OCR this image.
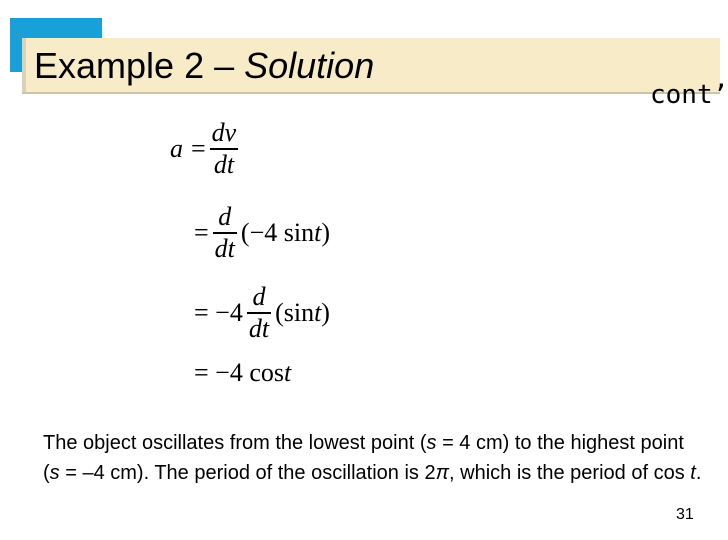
Example 2 – Solution
cont’
$a = \frac{dv}{dt}$
= $\frac{d}{dt} (-4$ sin t )
= $-4 \frac{d}{dt} (\sin$ t )
= −4 cos t
The object oscillates from the lowest point (s = 4 cm) to the highest point (s = –4 cm). The period of the oscillation is 2π, which is the period of cos t.
31
